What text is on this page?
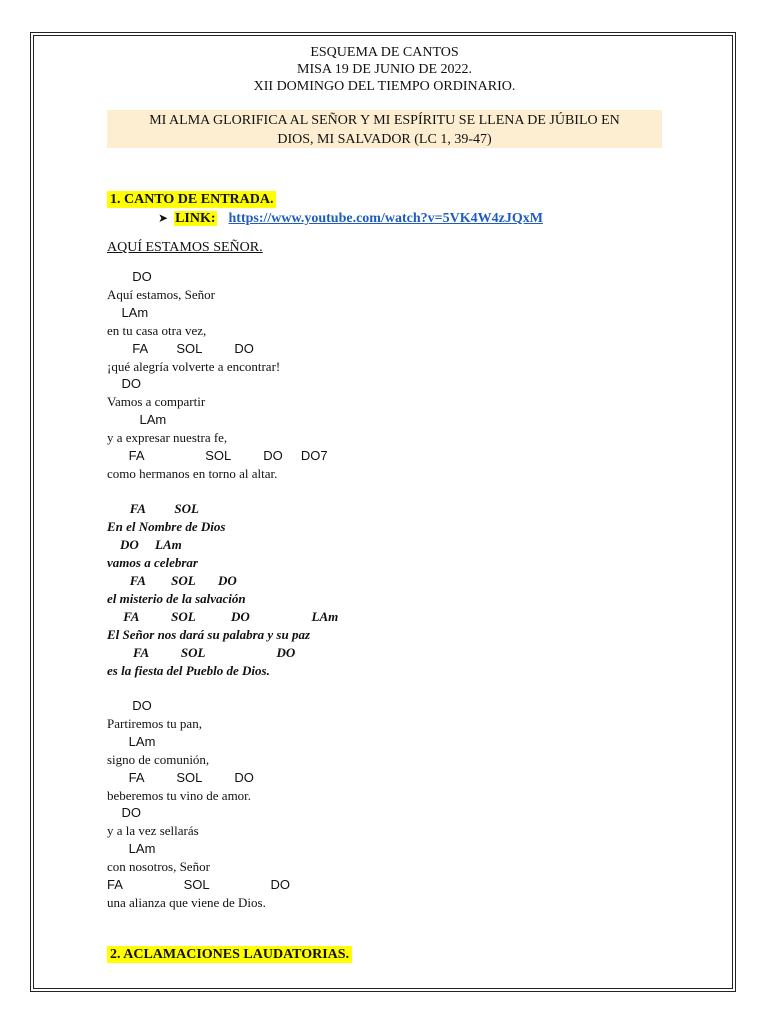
ESQUEMA DE CANTOS
MISA 19 DE JUNIO DE 2022.
XII DOMINGO DEL TIEMPO ORDINARIO.
MI ALMA GLORIFICA AL SEÑOR Y MI ESPÍRITU SE LLENA DE JÚBILO EN
DIOS, MI SALVADOR (LC 1, 39-47)
1. CANTO DE ENTRADA.
➤ LINK: https://www.youtube.com/watch?v=5VK4W4zJQxM
AQUÍ ESTAMOS SEÑOR.
DO
Aquí estamos, Señor
LAm
en tu casa otra vez,
FA        SOL         DO
¡qué alegría volverte a encontrar!
DO
Vamos a compartir
LAm
y a expresar nuestra fe,
FA                 SOL         DO     DO7
como hermanos en torno al altar.
FA         SOL
En el Nombre de Dios
DO     LAm
vamos a celebrar
FA        SOL       DO
el misterio de la salvación
FA          SOL           DO                   LAm
El Señor nos dará su palabra y su paz
FA          SOL                      DO
es la fiesta del Pueblo de Dios.
DO
Partiremos tu pan,
LAm
signo de comunión,
FA         SOL         DO
beberemos tu vino de amor.
DO
y a la vez sellarás
LAm
con nosotros, Señor
FA                 SOL                 DO
una alianza que viene de Dios.
2. ACLAMACIONES LAUDATORIAS.
